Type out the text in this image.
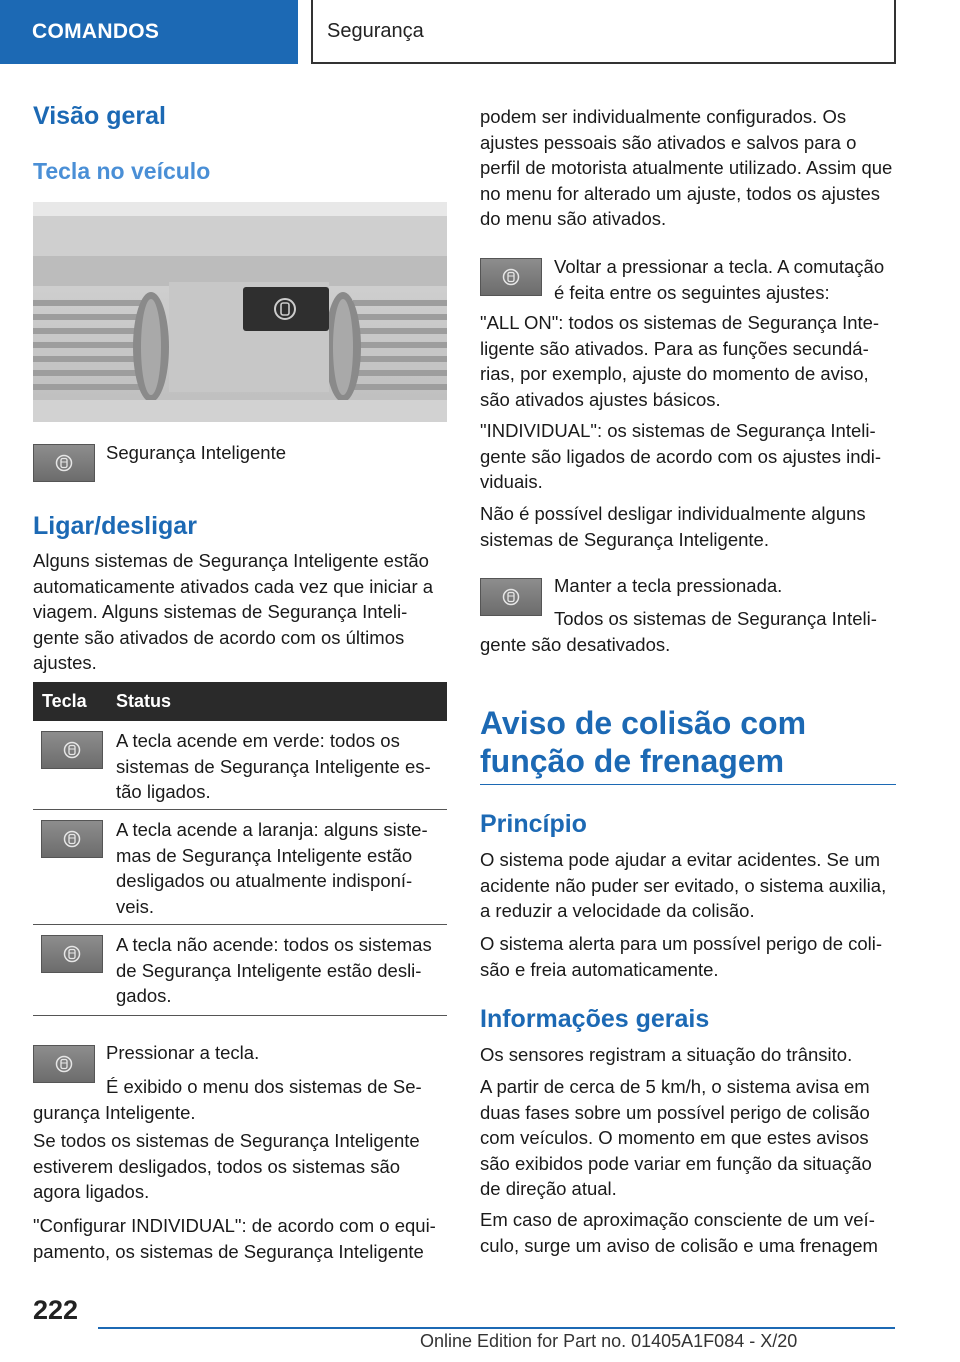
COMANDOS	Segurança
Visão geral
Tecla no veículo

Segurança Inteligente

Ligar/desligar

Alguns sistemas de Segurança Inteligente estão automaticamente ativados cada vez que iniciar a viagem. Alguns sistemas de Segurança Inteli-gente são ativados de acordo com os últimos ajustes.

Tecla	Status

A tecla acende em verde: todos os sistemas de Segurança Inteligente es-tão ligados.

A tecla acende a laranja: alguns siste-mas de Segurança Inteligente estão desligados ou atualmente indisponí-veis.

A tecla não acende: todos os sistemas de Segurança Inteligente estão desli-gados.

Pressionar a tecla.

É exibido o menu dos sistemas de Se-gurança Inteligente.

Se todos os sistemas de Segurança Inteligente estiverem desligados, todos os sistemas são agora ligados.

"Configurar INDIVIDUAL": de acordo com o equi-pamento, os sistemas de Segurança Inteligente

podem ser individualmente configurados. Os ajustes pessoais são ativados e salvos para o perfil de motorista atualmente utilizado. Assim que no menu for alterado um ajuste, todos os ajustes do menu são ativados.

Voltar a pressionar a tecla. A comutação é feita entre os seguintes ajustes:

"ALL ON": todos os sistemas de Segurança Inte-ligente são ativados. Para as funções secundá-rias, por exemplo, ajuste do momento de aviso, são ativados ajustes básicos.

"INDIVIDUAL": os sistemas de Segurança Inteli-gente são ligados de acordo com os ajustes indi-viduais.

Não é possível desligar individualmente alguns sistemas de Segurança Inteligente.

Manter a tecla pressionada.

Todos os sistemas de Segurança Inteli-gente são desativados.

Aviso de colisão com função de frenagem
Princípio

O sistema pode ajudar a evitar acidentes. Se um acidente não puder ser evitado, o sistema auxilia, a reduzir a velocidade da colisão.

O sistema alerta para um possível perigo de coli-são e freia automaticamente.

Informações gerais

Os sensores registram a situação do trânsito.

A partir de cerca de 5 km/h, o sistema avisa em duas fases sobre um possível perigo de colisão com veículos. O momento em que estes avisos são exibidos pode variar em função da situação de direção atual.

Em caso de aproximação consciente de um veí-culo, surge um aviso de colisão e uma frenagem

222
Online Edition for Part no. 01405A1F084 - X/20
